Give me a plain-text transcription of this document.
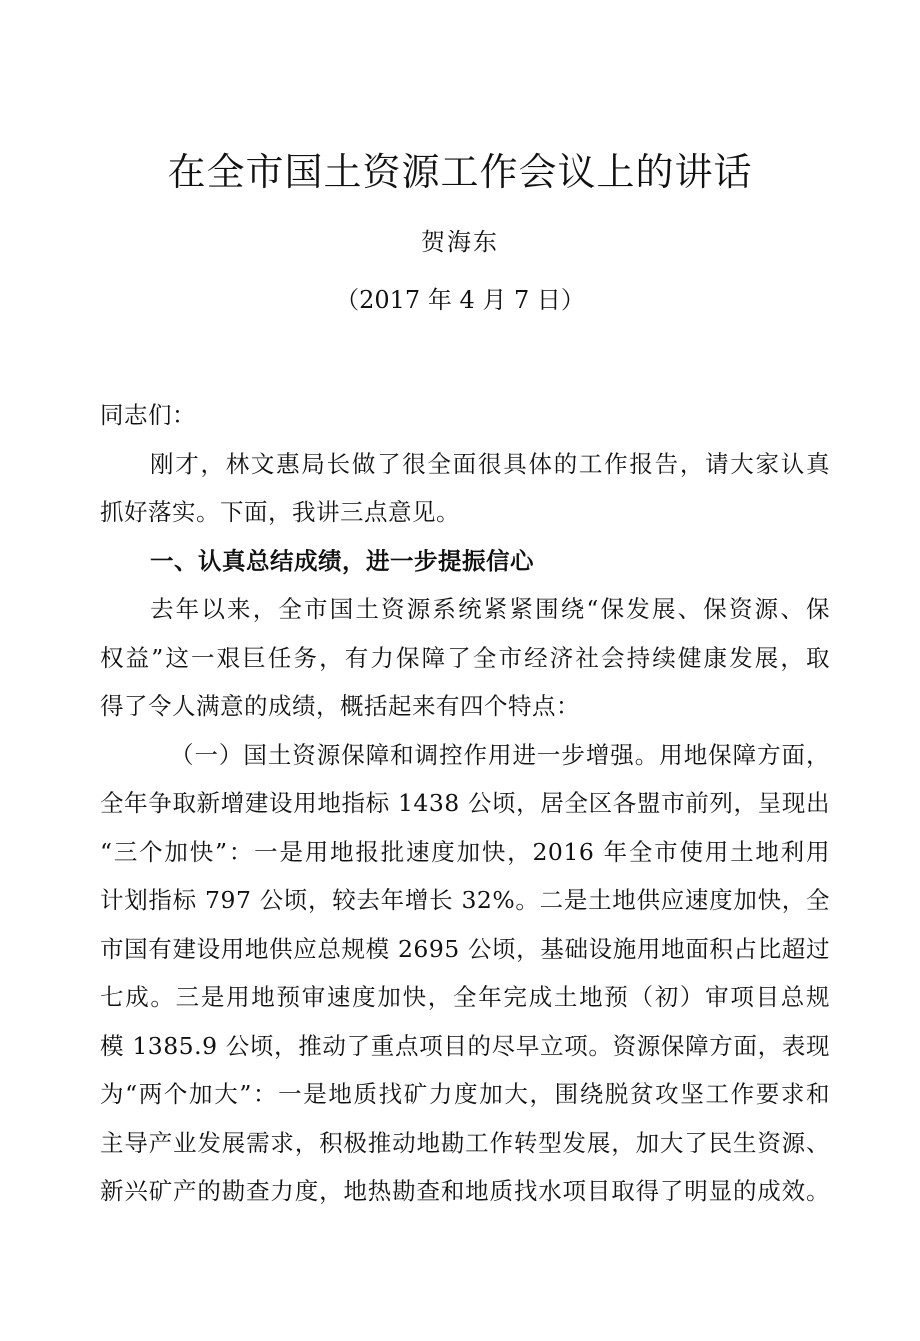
在全市国土资源工作会议上的讲话
贺海东
（2017 年 4 月 7 日）
同志们：
刚才，林文惠局长做了很全面很具体的工作报告，请大家认真
抓好落实。下面，我讲三点意见。
一、认真总结成绩，进一步提振信心
去年以来，全市国土资源系统紧紧围绕“保发展、保资源、保
权益”这一艰巨任务，有力保障了全市经济社会持续健康发展，取
得了令人满意的成绩，概括起来有四个特点：
（一）国土资源保障和调控作用进一步增强。用地保障方面，
全年争取新增建设用地指标 1438 公顷，居全区各盟市前列，呈现出
“三个加快”：一是用地报批速度加快，2016 年全市使用土地利用
计划指标 797 公顷，较去年增长 32%。二是土地供应速度加快，全
市国有建设用地供应总规模 2695 公顷，基础设施用地面积占比超过
七成。三是用地预审速度加快，全年完成土地预（初）审项目总规
模 1385.9 公顷，推动了重点项目的尽早立项。资源保障方面，表现
为“两个加大”：一是地质找矿力度加大，围绕脱贫攻坚工作要求和
主导产业发展需求，积极推动地勘工作转型发展，加大了民生资源、
新兴矿产的勘查力度，地热勘查和地质找水项目取得了明显的成效。
